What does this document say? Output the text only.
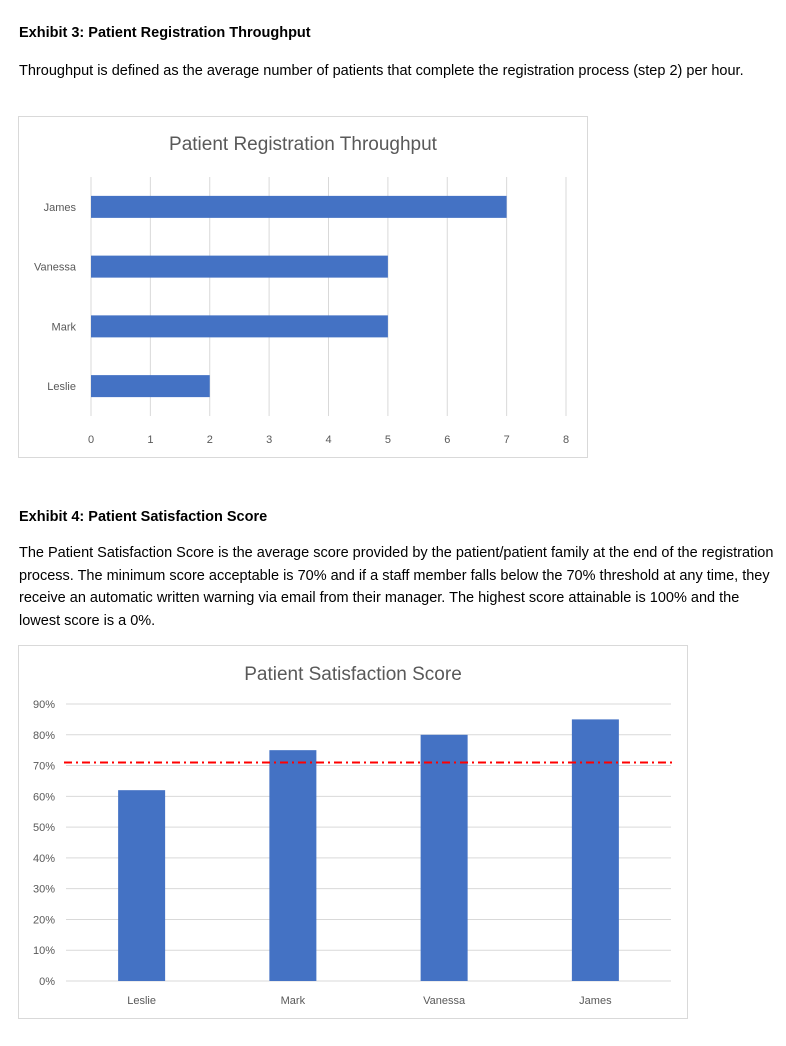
Exhibit 3: Patient Registration Throughput

Throughput is defined as the average number of patients that complete the registration process (step 2) per hour.

Patient Registration Throughput
0	1	2	3	4	5	6	7	8
James
Vanessa
Mark
Leslie

Exhibit 4: Patient Satisfaction Score

The Patient Satisfaction Score is the average score provided by the patient/patient family at the end of the registration process. The minimum score acceptable is 70% and if a staff member falls below the 70% threshold at any time, they receive an automatic written warning via email from their manager. The highest score attainable is 100% and the lowest score is a 0%.

Patient Satisfaction Score
0%
10%
20%
30%
40%
50%
60%
70%
80%
90%
Leslie	Mark	Vanessa	James
